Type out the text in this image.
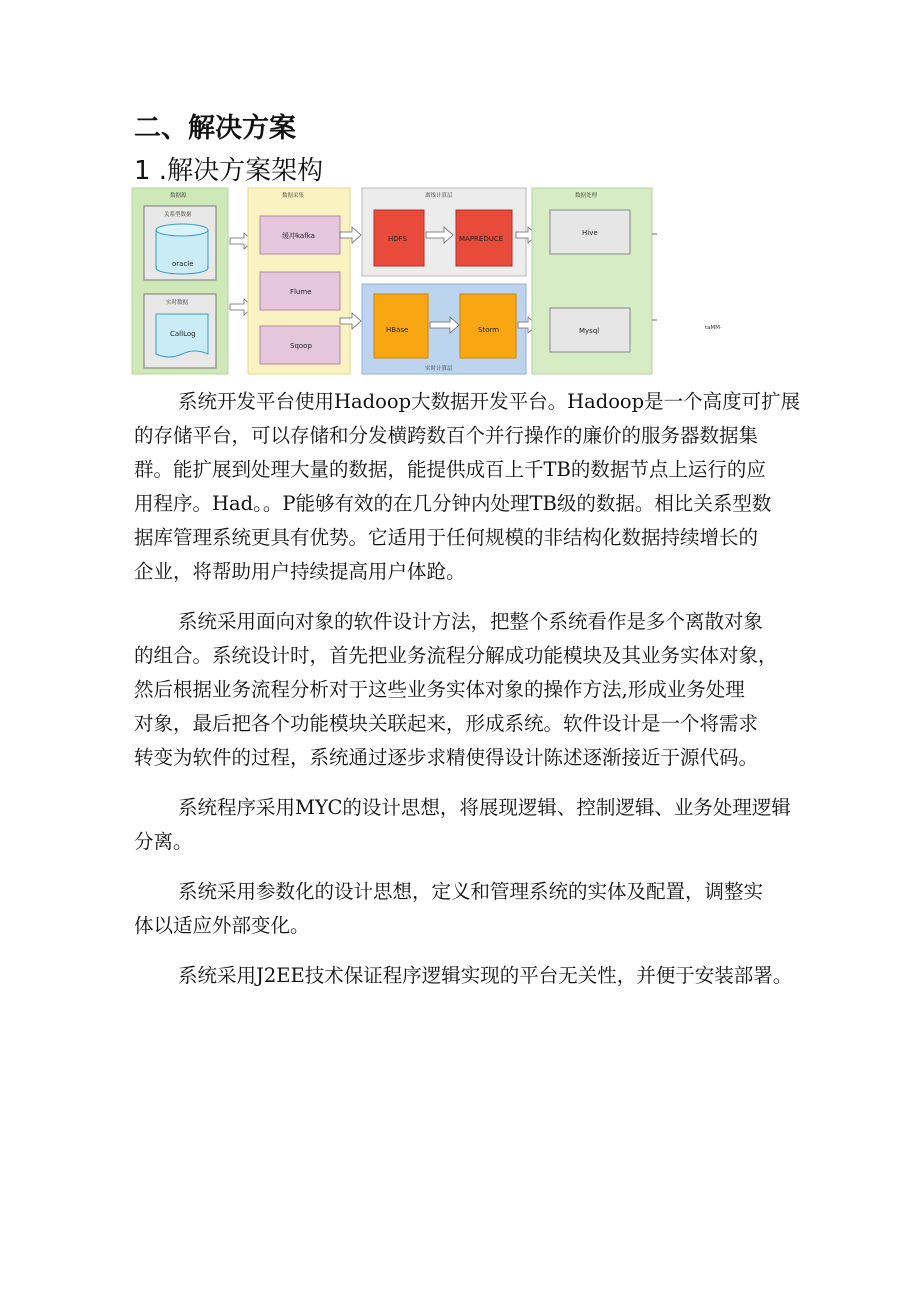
二、解决方案
1 .解决方案架构
数据源
关系型数据
实时数据
oracle
CallLog
数据采集
缓冲kafka
Flume
Sqoop
离线计算层
HDFS	MAPREDUCE
HBase	Storm
实时计算层
数据处理
Hive
Mysql	taMM·
系统开发平台使用Hadoop大数据开发平台。Hadoop是一个高度可扩展
的存储平台，可以存储和分发横跨数百个并行操作的廉价的服务器数据集
群。能扩展到处理大量的数据，能提供成百上千TB的数据节点上运行的应
用程序。Had。。P能够有效的在几分钟内处理TB级的数据。相比关系型数
据库管理系统更具有优势。它适用于任何规模的非结构化数据持续增长的
企业，将帮助用户持续提高用户体跄。
系统采用面向对象的软件设计方法，把整个系统看作是多个离散对象
的组合。系统设计时，首先把业务流程分解成功能模块及其业务实体对象，
然后根据业务流程分析对于这些业务实体对象的操作方法,形成业务处理
对象，最后把各个功能模块关联起来，形成系统。软件设计是一个将需求
转变为软件的过程，系统通过逐步求精使得设计陈述逐渐接近于源代码。
系统程序采用MYC的设计思想，将展现逻辑、控制逻辑、业务处理逻辑
分离。
系统采用参数化的设计思想，定义和管理系统的实体及配置，调整实
体以适应外部变化。
系统采用J2EE技术保证程序逻辑实现的平台无关性，并便于安装部署。
